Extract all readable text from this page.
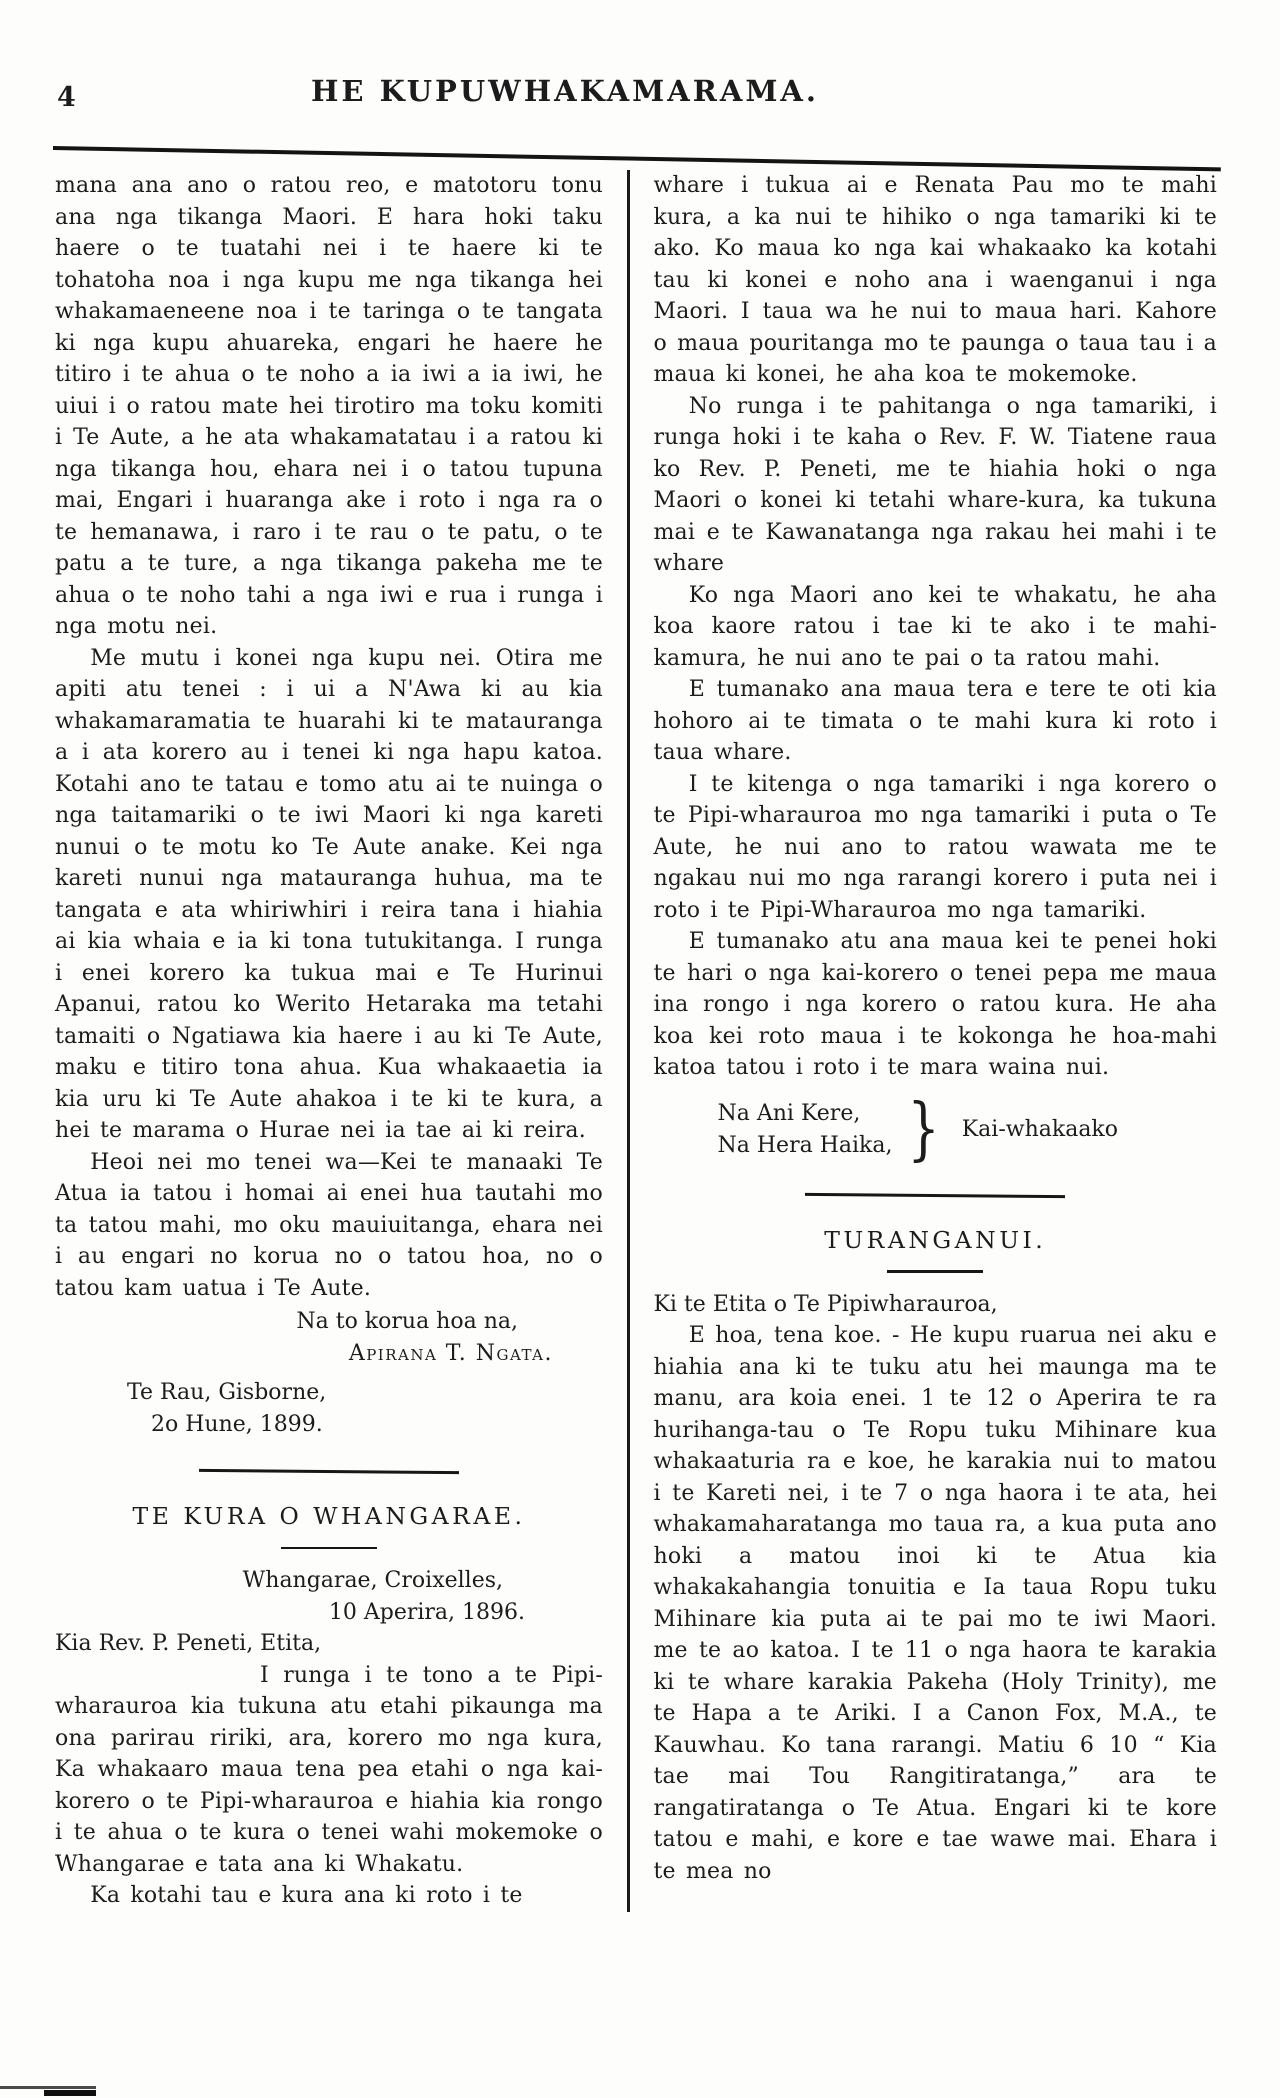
4	HE KUPUWHAKAMARAMA.

mana ana ano o ratou reo, e matotoru tonu ana nga tikanga Maori. E hara hoki taku haere o te tuatahi nei i te haere ki te tohatoha noa i nga kupu me nga tikanga hei whakamaeneene noa i te taringa o te tangata ki nga kupu ahuareka, engari he haere he titiro i te ahua o te noho a ia iwi a ia iwi, he uiui i o ratou mate hei tirotiro ma toku komiti i Te Aute, a he ata whakamatatau i a ratou ki nga tikanga hou, ehara nei i o tatou tupuna mai, Engari i huaranga ake i roto i nga ra o te hemanawa, i raro i te rau o te patu, o te patu a te ture, a nga tikanga pakeha me te ahua o te noho tahi a nga iwi e rua i runga i nga motu nei.

Me mutu i konei nga kupu nei. Otira me apiti atu tenei : i ui a N'Awa ki au kia whakamaramatia te huarahi ki te matauranga a i ata korero au i tenei ki nga hapu katoa. Kotahi ano te tatau e tomo atu ai te nuinga o nga taitamariki o te iwi Maori ki nga kareti nunui o te motu ko Te Aute anake. Kei nga kareti nunui nga matauranga huhua, ma te tangata e ata whiriwhiri i reira tana i hiahia ai kia whaia e ia ki tona tutukitanga. I runga i enei korero ka tukua mai e Te Hurinui Apanui, ratou ko Werito Hetaraka ma tetahi tamaiti o Ngatiawa kia haere i au ki Te Aute, maku e titiro tona ahua. Kua whakaaetia ia kia uru ki Te Aute ahakoa i te ki te kura, a hei te marama o Hurae nei ia tae ai ki reira.

Heoi nei mo tenei wa—Kei te manaaki Te Atua ia tatou i homai ai enei hua tautahi mo ta tatou mahi, mo oku mauiuitanga, ehara nei i au engari no korua no o tatou hoa, no o tatou kam uatua i Te Aute.

Na to korua hoa na,

Apirana T. Ngata.

Te Rau, Gisborne,

2o Hune, 1899.

TE KURA O WHANGARAE.

Whangarae, Croixelles,

10 Aperira, 1896.

Kia Rev. P. Peneti, Etita,

I runga i te tono a te Pipi-wharauroa kia tukuna atu etahi pikaunga ma ona parirau ririki, ara, korero mo nga kura, Ka whakaaro maua tena pea etahi o nga kai-korero o te Pipi-wharauroa e hiahia kia rongo i te ahua o te kura o tenei wahi mokemoke o Whangarae e tata ana ki Whakatu.

Ka kotahi tau e kura ana ki roto i te

whare i tukua ai e Renata Pau mo te mahi kura, a ka nui te hihiko o nga tamariki ki te ako. Ko maua ko nga kai whakaako ka kotahi tau ki konei e noho ana i waenganui i nga Maori. I taua wa he nui to maua hari. Kahore o maua pouritanga mo te paunga o taua tau i a maua ki konei, he aha koa te mokemoke.

No runga i te pahitanga o nga tamariki, i runga hoki i te kaha o Rev. F. W. Tiatene raua ko Rev. P. Peneti, me te hiahia hoki o nga Maori o konei ki tetahi whare-kura, ka tukuna mai e te Kawanatanga nga rakau hei mahi i te whare

Ko nga Maori ano kei te whakatu, he aha koa kaore ratou i tae ki te ako i te mahi-kamura, he nui ano te pai o ta ratou mahi.

E tumanako ana maua tera e tere te oti kia hohoro ai te timata o te mahi kura ki roto i taua whare.

I te kitenga o nga tamariki i nga korero o te Pipi-wharauroa mo nga tamariki i puta o Te Aute, he nui ano to ratou wawata me te ngakau nui mo nga rarangi korero i puta nei i roto i te Pipi-Wharauroa mo nga tamariki.

E tumanako atu ana maua kei te penei hoki te hari o nga kai-korero o tenei pepa me maua ina rongo i nga korero o ratou kura. He aha koa kei roto maua i te kokonga he hoa-mahi katoa tatou i roto i te mara waina nui.

Na Ani Kere,

Na Hera Haika, } Kai-whakaako
TURANGANUI.

Ki te Etita o Te Pipiwharauroa,

E hoa, tena koe. - He kupu ruarua nei aku e hiahia ana ki te tuku atu hei maunga ma te manu, ara koia enei. 1 te 12 o Aperira te ra hurihanga-tau o Te Ropu tuku Mihinare kua whakaaturia ra e koe, he karakia nui to matou i te Kareti nei, i te 7 o nga haora i te ata, hei whakamaharatanga mo taua ra, a kua puta ano hoki a matou inoi ki te Atua kia whakakahangia tonuitia e Ia taua Ropu tuku Mihinare kia puta ai te pai mo te iwi Maori. me te ao katoa. I te 11 o nga haora te karakia ki te whare karakia Pakeha (Holy Trinity), me te Hapa a te Ariki. I a Canon Fox, M.A., te Kauwhau. Ko tana rarangi. Matiu 6 10 “ Kia tae mai Tou Rangitiratanga,” ara te rangatiratanga o Te Atua. Engari ki te kore tatou e mahi, e kore e tae wawe mai. Ehara i te mea no
